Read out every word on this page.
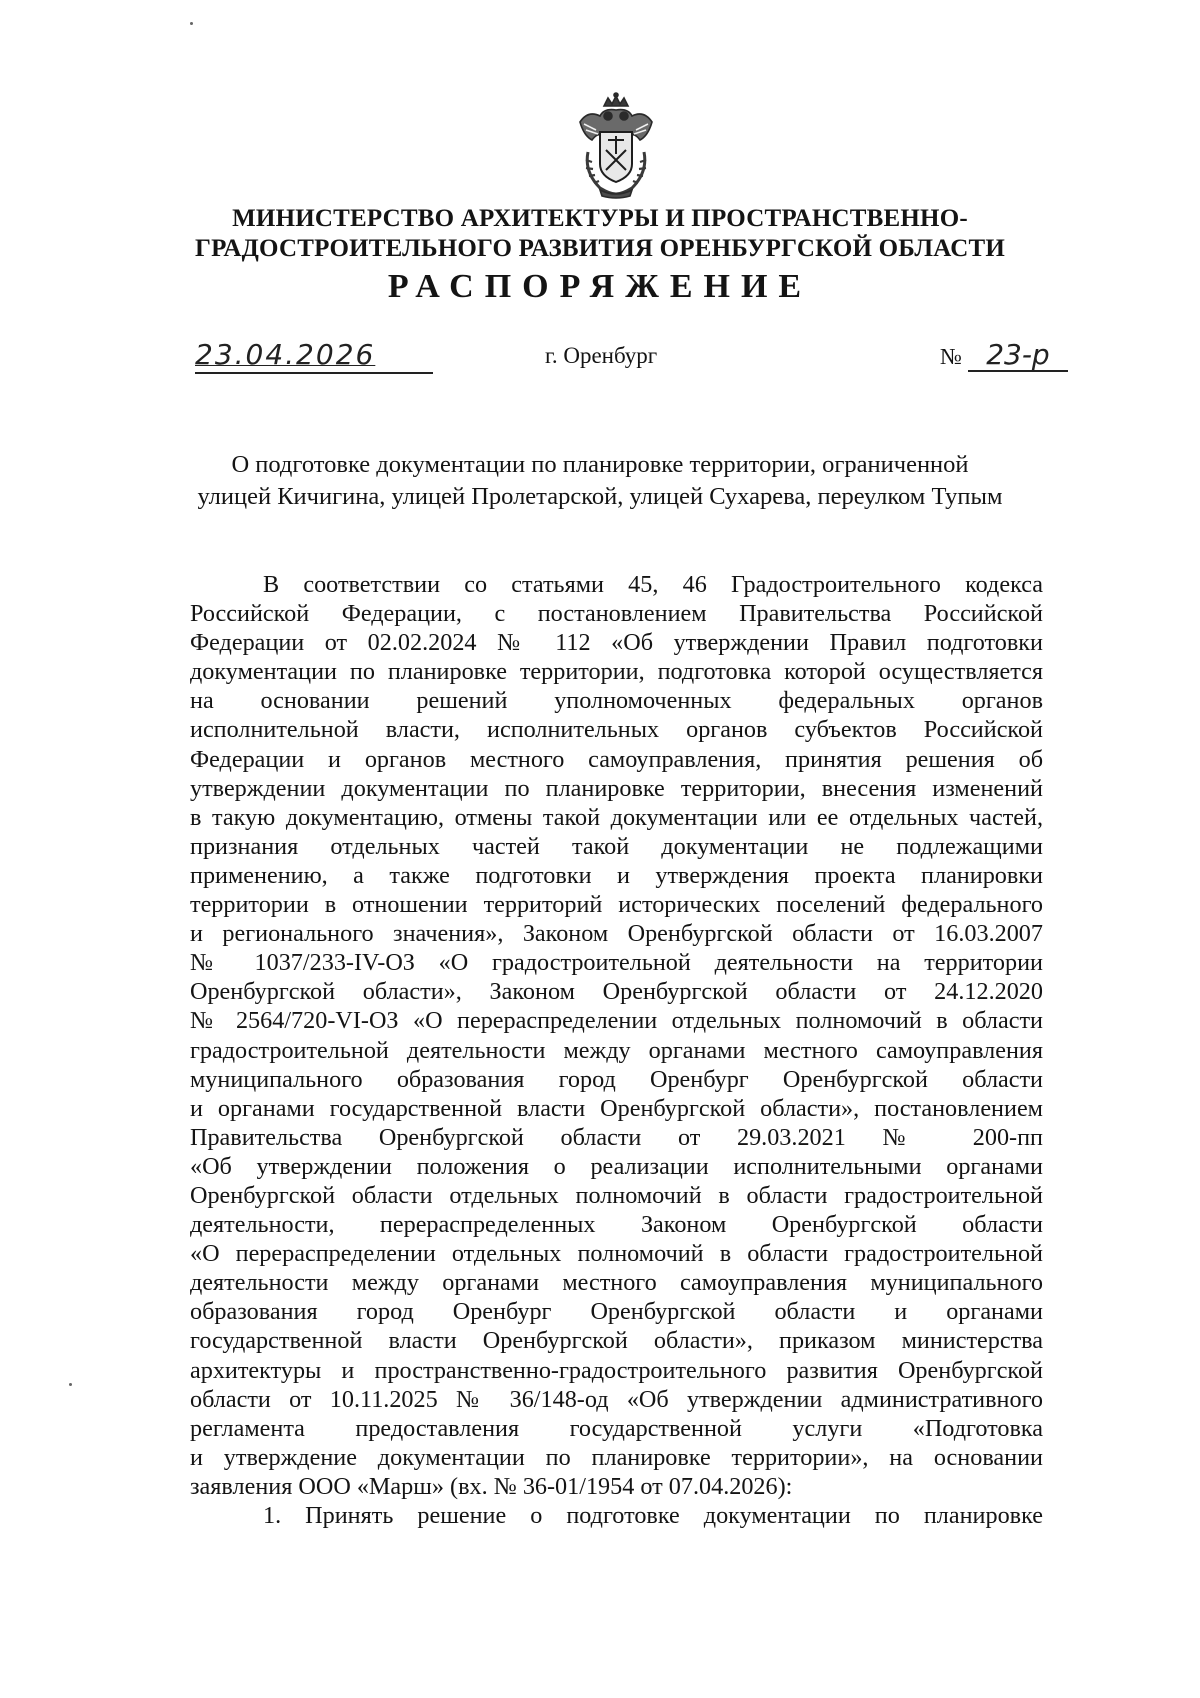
МИНИСТЕРСТВО АРХИТЕКТУРЫ И ПРОСТРАНСТВЕННО-
ГРАДОСТРОИТЕЛЬНОГО РАЗВИТИЯ ОРЕНБУРГСКОЙ ОБЛАСТИ
РАСПОРЯЖЕНИЕ
23.04.2026	г. Оренбург	№ 23-р
О подготовке документации по планировке территории, ограниченной
улицей Кичигина, улицей Пролетарской, улицей Сухарева, переулком Тупым
В соответствии со статьями 45, 46 Градостроительного кодекса
Российской Федерации, с постановлением Правительства Российской
Федерации от 02.02.2024 № 112 «Об утверждении Правил подготовки
документации по планировке территории, подготовка которой осуществляется
на основании решений уполномоченных федеральных органов
исполнительной власти, исполнительных органов субъектов Российской
Федерации и органов местного самоуправления, принятия решения об
утверждении документации по планировке территории, внесения изменений
в такую документацию, отмены такой документации или ее отдельных частей,
признания отдельных частей такой документации не подлежащими
применению, а также подготовки и утверждения проекта планировки
территории в отношении территорий исторических поселений федерального
и регионального значения», Законом Оренбургской области от 16.03.2007
№ 1037/233-IV-ОЗ «О градостроительной деятельности на территории
Оренбургской области», Законом Оренбургской области от 24.12.2020
№ 2564/720-VI-ОЗ «О перераспределении отдельных полномочий в области
градостроительной деятельности между органами местного самоуправления
муниципального образования город Оренбург Оренбургской области
и органами государственной власти Оренбургской области», постановлением
Правительства Оренбургской области от 29.03.2021 № 200-пп
«Об утверждении положения о реализации исполнительными органами
Оренбургской области отдельных полномочий в области градостроительной
деятельности, перераспределенных Законом Оренбургской области
«О перераспределении отдельных полномочий в области градостроительной
деятельности между органами местного самоуправления муниципального
образования город Оренбург Оренбургской области и органами
государственной власти Оренбургской области», приказом министерства
архитектуры и пространственно-градостроительного развития Оренбургской
области от 10.11.2025 № 36/148-од «Об утверждении административного
регламента предоставления государственной услуги «Подготовка
и утверждение документации по планировке территории», на основании
заявления ООО «Марш» (вх. № 36-01/1954 от 07.04.2026):
1. Принять решение о подготовке документации по планировке
